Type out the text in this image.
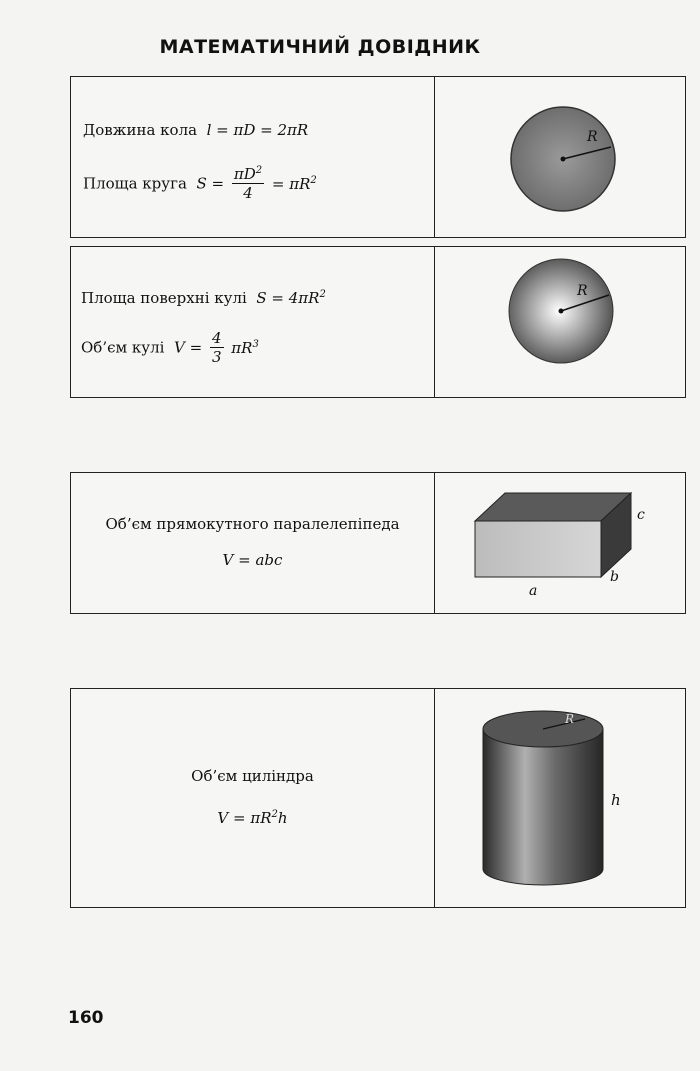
МАТЕМАТИЧНИЙ ДОВІДНИК
Довжина кола  l = πD = 2πR
Площа круга  $S = \frac{\pi D^2}{4} = \pi R^2$
R
Площа поверхні кулі  $S = 4\pi R^2$
Об’єм кулі  $V = \frac{4}{3} \pi R^3$
R
Об’єм прямокутного паралелепіпеда
V = abc
a
b
c
Об’єм циліндра
$V = \pi R^2h$
R
h
160
